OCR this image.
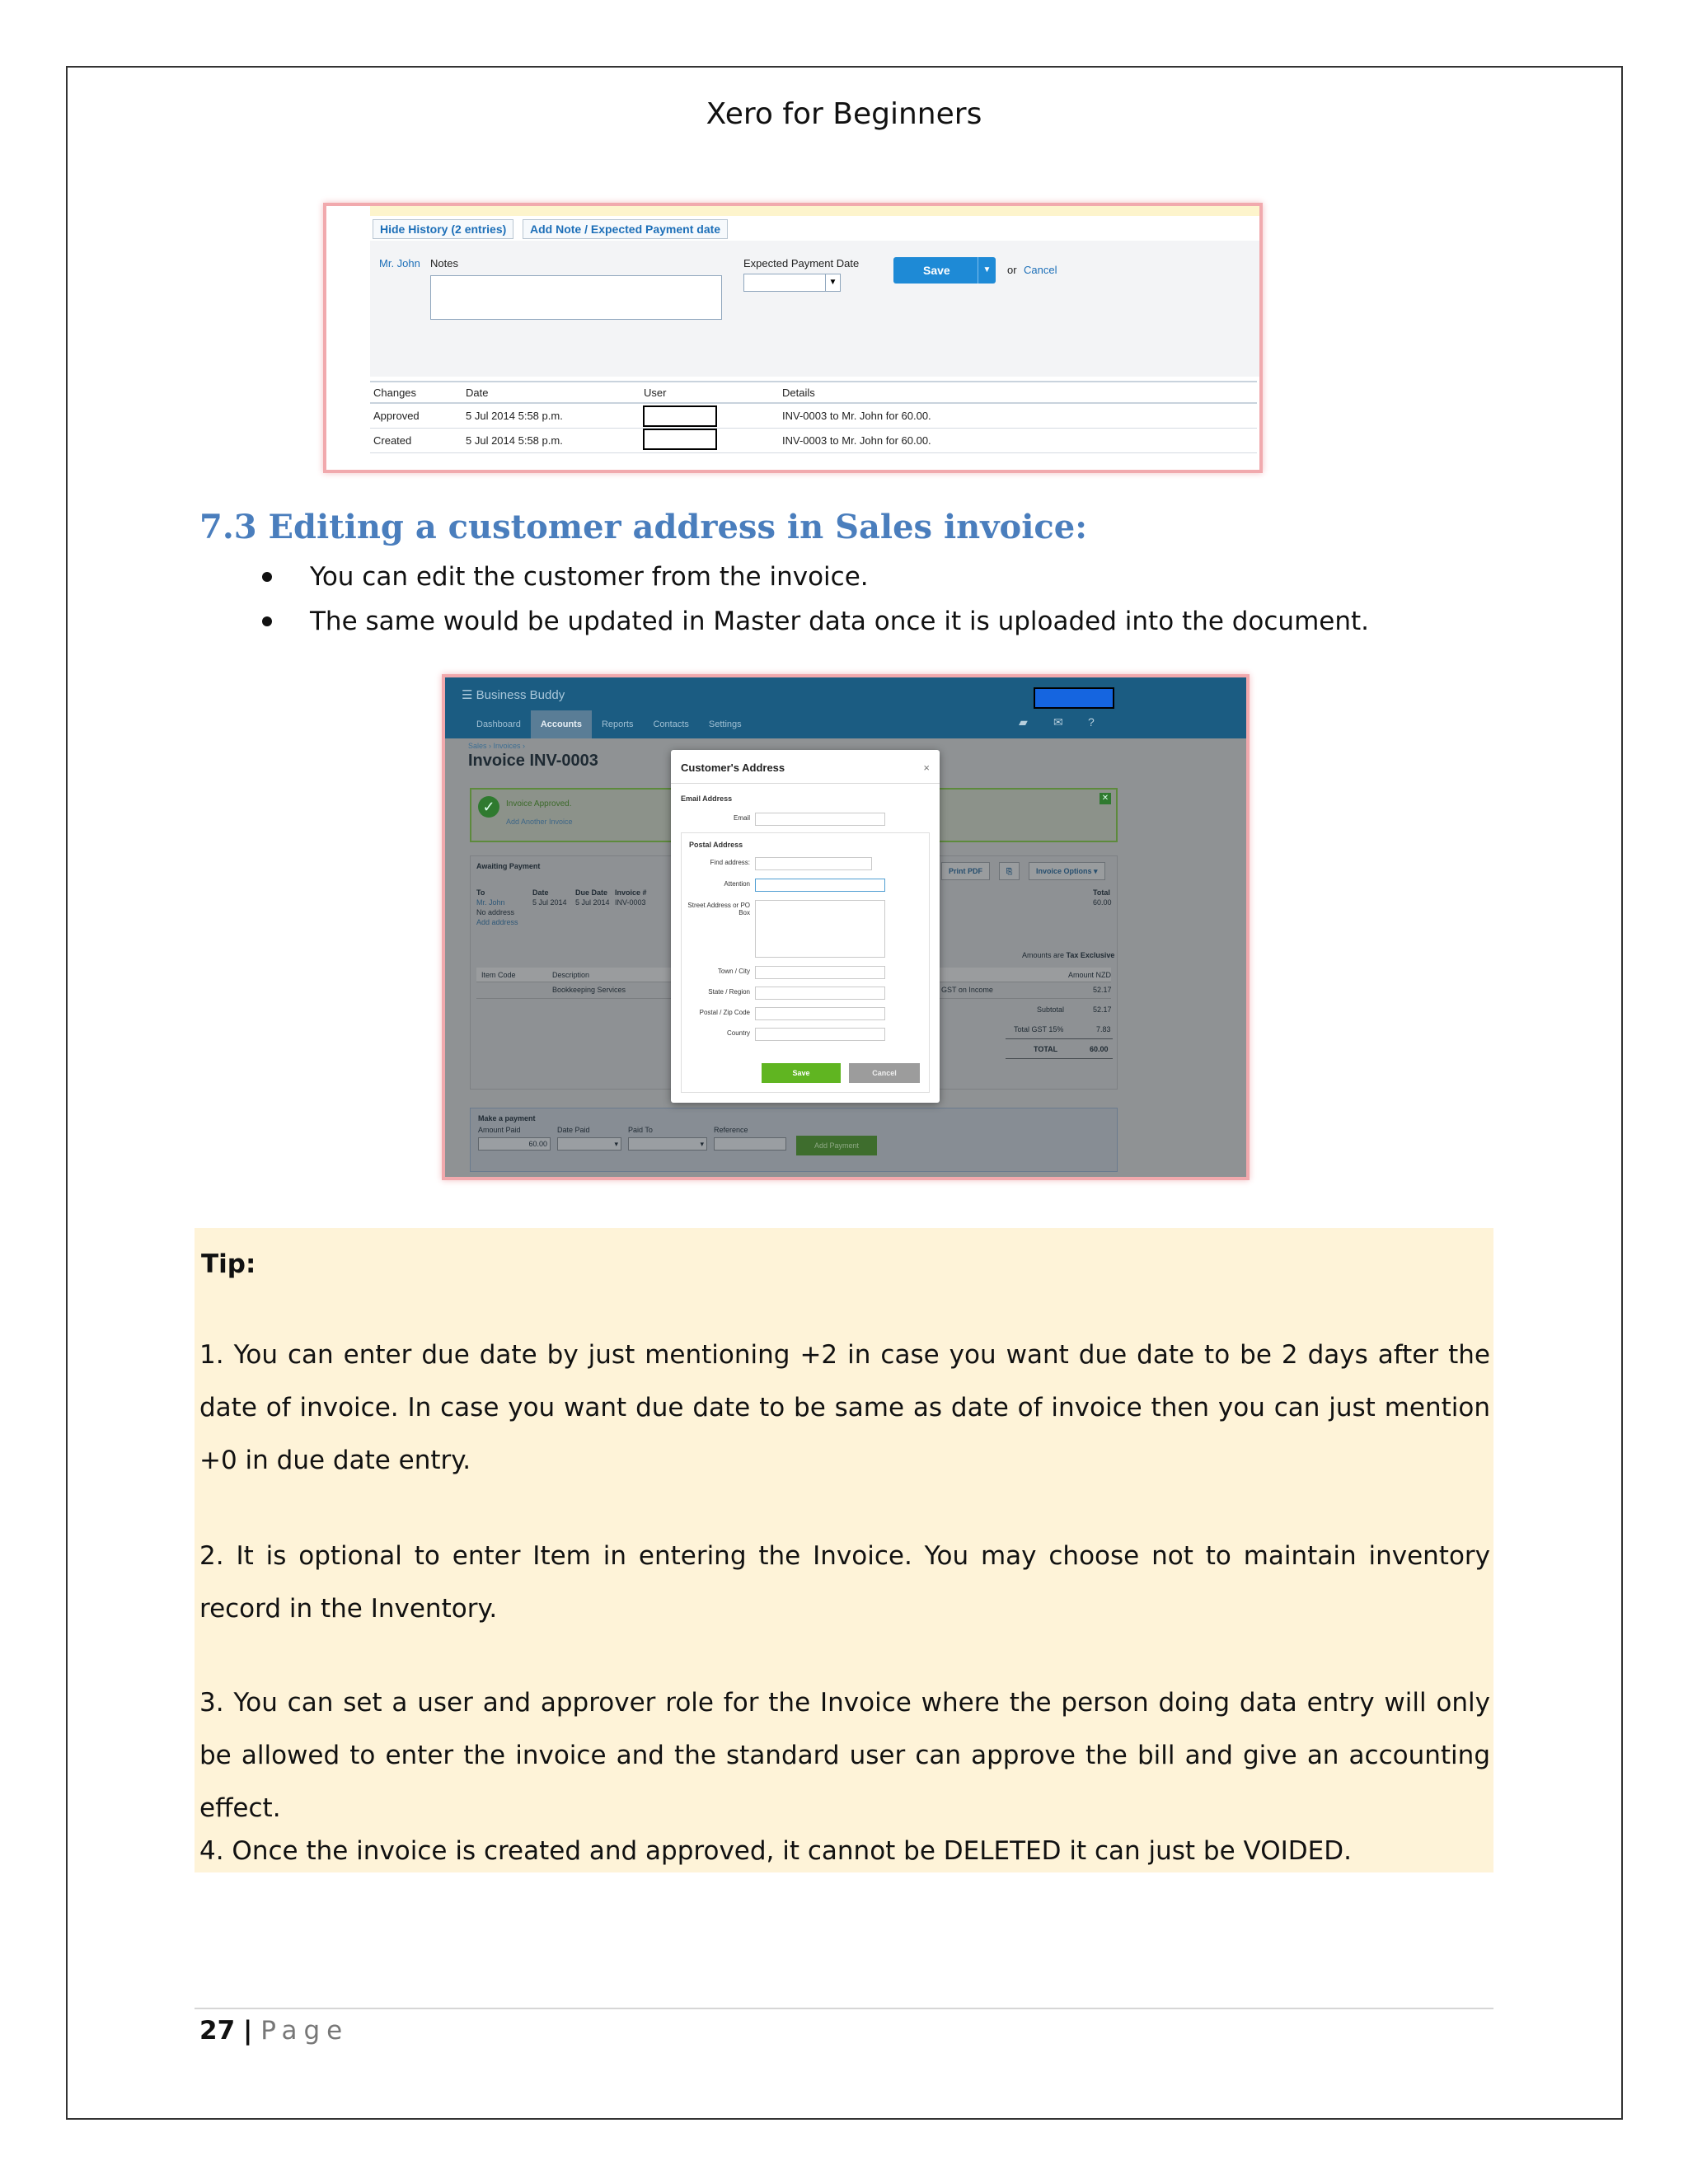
Xero for Beginners
Hide History (2 entries)	Add Note / Expected Payment date
Mr. John Notes	Expected Payment Date
▼
Save	▼	or Cancel
Changes	Date	User	Details
Approved	5 Jul 2014 5:58 p.m.		INV-0003 to Mr. John for 60.00.
Created	5 Jul 2014 5:58 p.m.		INV-0003 to Mr. John for 60.00.
7.3 Editing a customer address in Sales invoice:
You can edit the customer from the invoice.
The same would be updated in Master data once it is uploaded into the document.
☰ Business Buddy
Dashboard	Accounts	Reports	Contacts	Settings	▰ ✉ ?
Sales › Invoices ›
Invoice INV-0003
✓	Invoice Approved.
Add Another Invoice
✕
Awaiting Payment
Print PDF	⎘	Invoice Options ▾
To	Date	Due Date Invoice #	Total
Mr. John	5 Jul 2014 5 Jul 2014 INV-0003	60.00
No address
Add address
Amounts are Tax Exclusive
Item Code	Description	Amount NZD
Bookkeeping Services	GST on Income	52.17
Subtotal	52.17
Total GST 15%	7.83
TOTAL	60.00
Make a payment
Amount Paid	Date Paid	Paid To	Reference
60.00	▾	▾	Add Payment
Customer's Address	×
Email Address
Email
Postal Address
Find address:
Attention
Street Address or PO Box
Town / City
State / Region
Postal / Zip Code
Country
Save	Cancel
Tip:
1. You can enter due date by just mentioning +2 in case you want due date to be 2 days after the date of invoice. In case you want due date to be same as date of invoice then you can just mention +0 in due date entry.
2. It is optional to enter Item in entering the Invoice. You may choose not to maintain inventory record in the Inventory.
3. You can set a user and approver role for the Invoice where the person doing data entry will only be allowed to enter the invoice and the standard user can approve the bill and give an accounting effect.
4. Once the invoice is created and approved, it cannot be DELETED it can just be VOIDED.
27 | Page
